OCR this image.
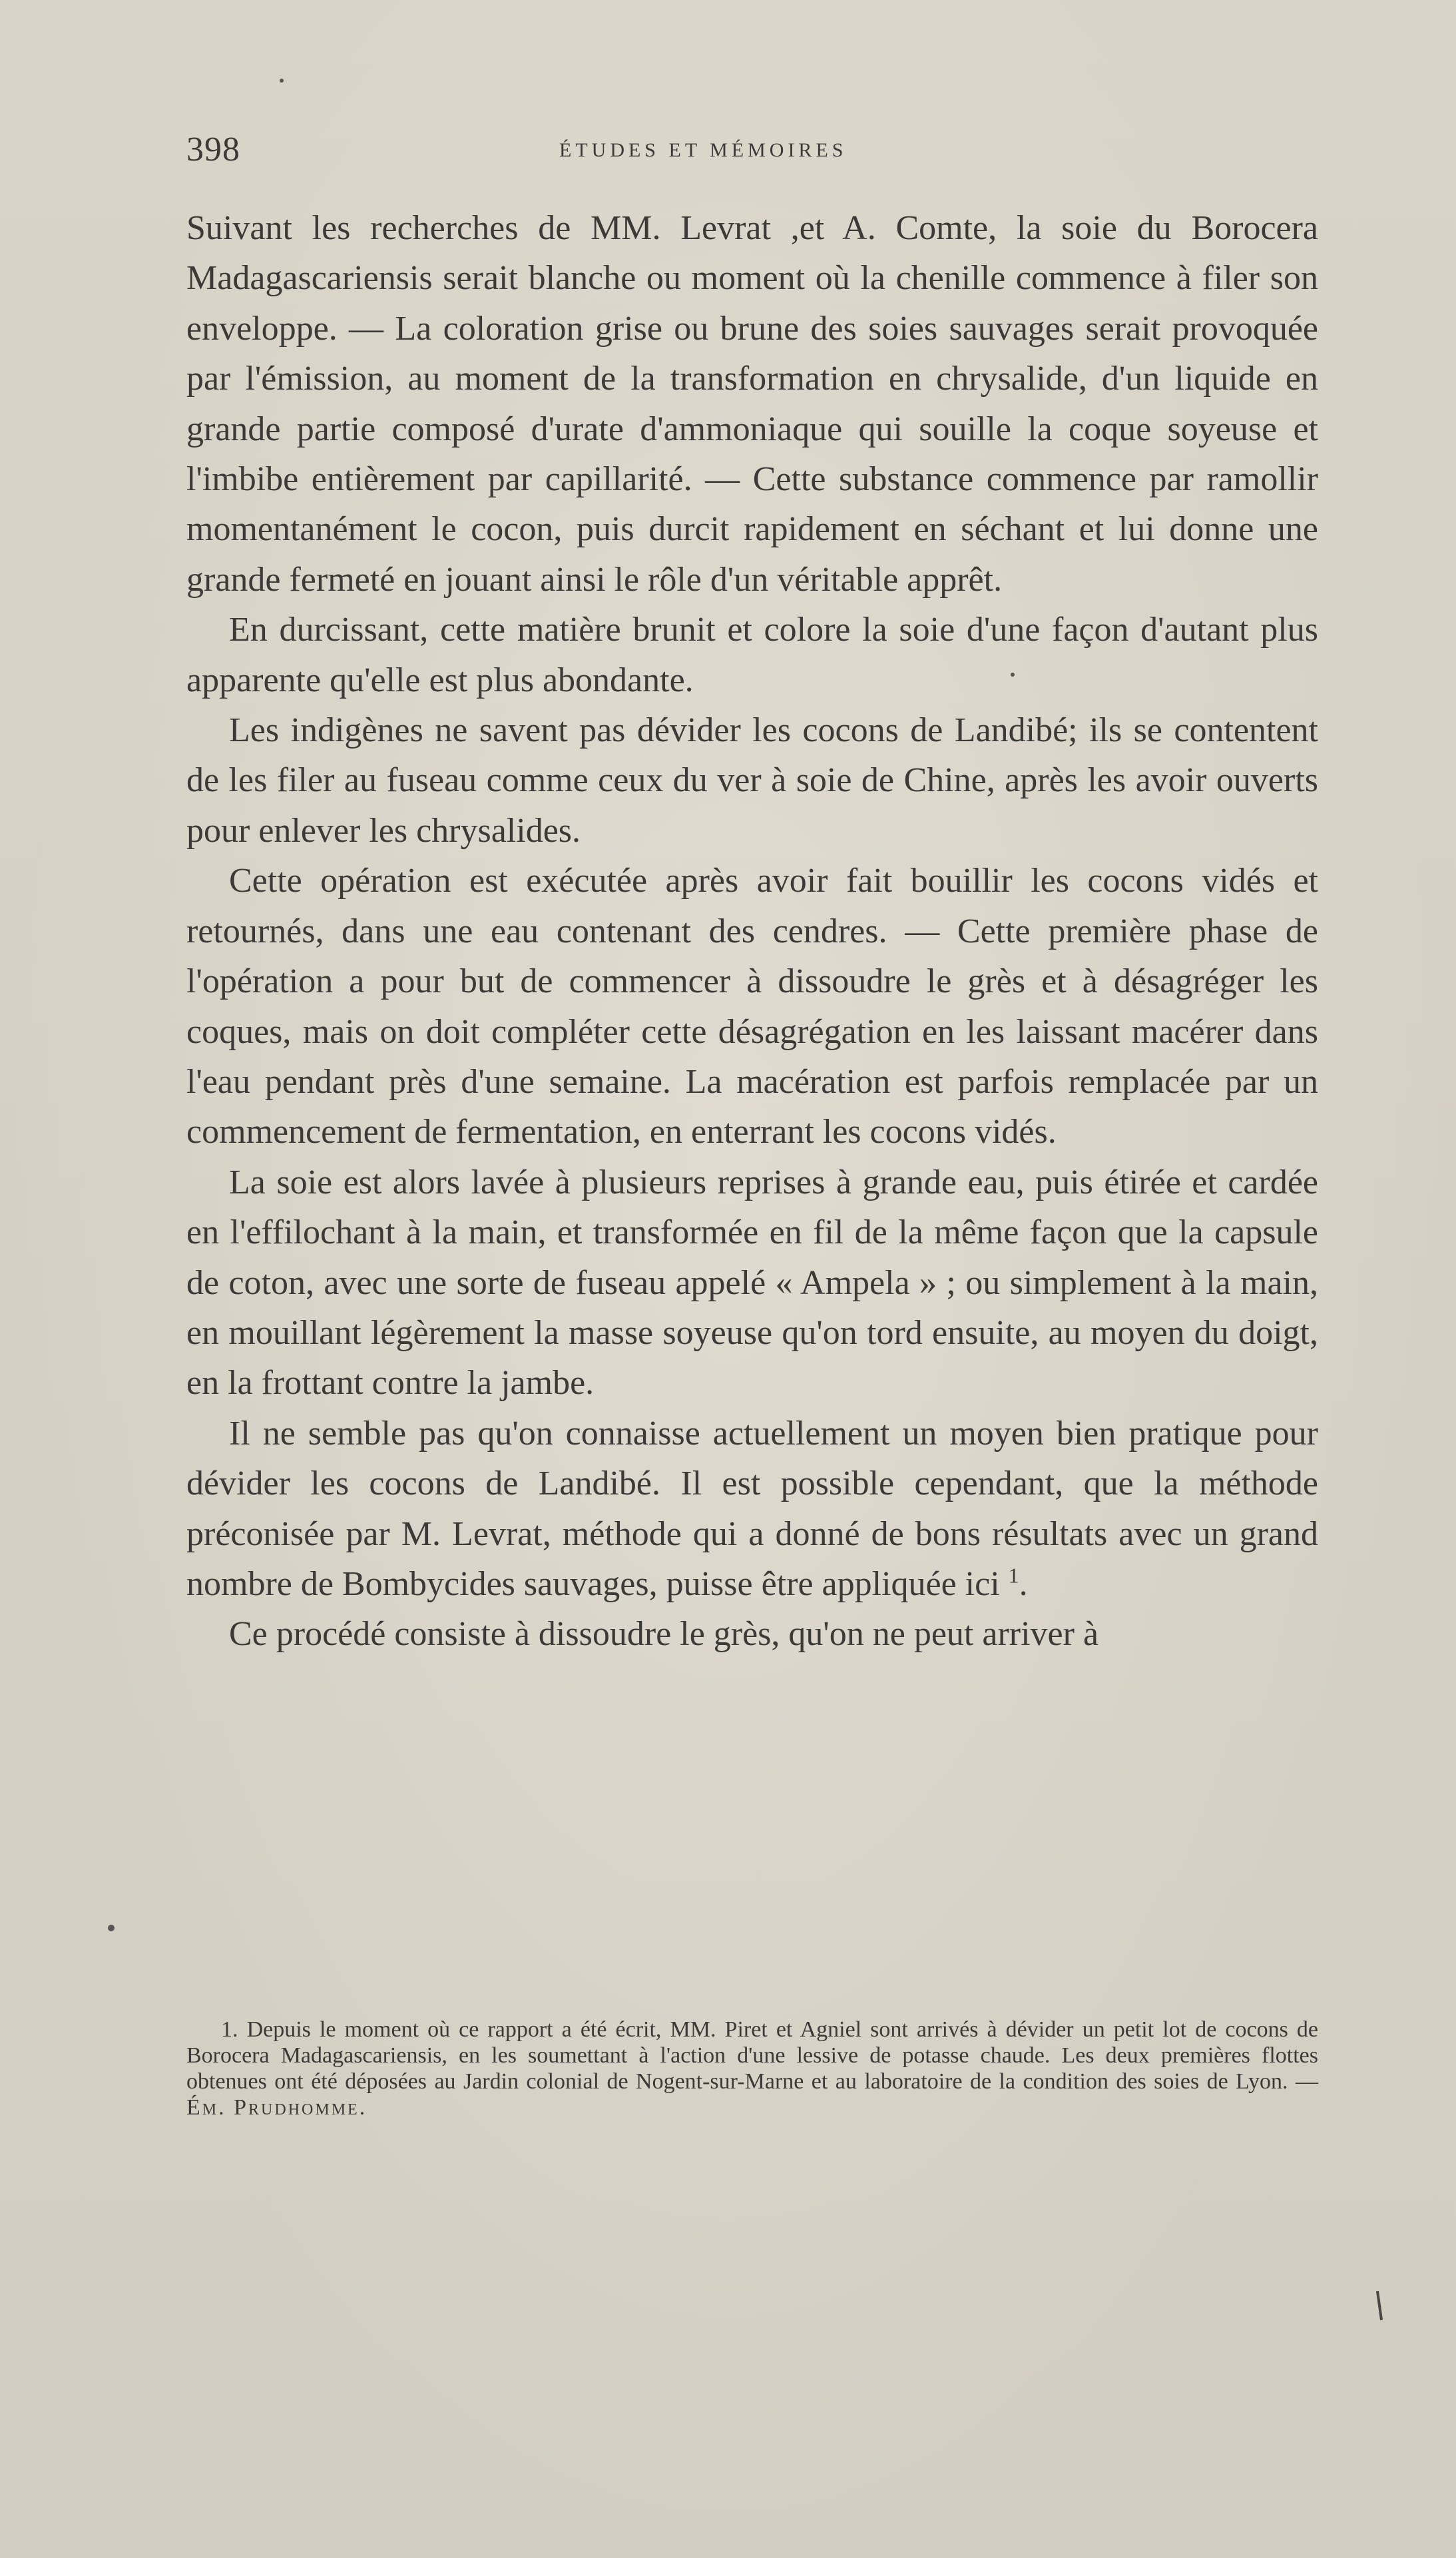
398	ÉTUDES ET MÉMOIRES

Suivant les recherches de MM. Levrat ,et A. Comte, la soie du Borocera Madagascariensis serait blanche ou moment où la chenille commence à filer son enveloppe. — La coloration grise ou brune des soies sauvages serait provoquée par l'émission, au moment de la transformation en chrysalide, d'un liquide en grande partie composé d'urate d'ammoniaque qui souille la coque soyeuse et l'imbibe entièrement par capillarité. — Cette substance commence par ramollir momentanément le cocon, puis durcit rapidement en séchant et lui donne une grande fermeté en jouant ainsi le rôle d'un véritable apprêt.

En durcissant, cette matière brunit et colore la soie d'une façon d'autant plus apparente qu'elle est plus abondante.

Les indigènes ne savent pas dévider les cocons de Landibé; ils se contentent de les filer au fuseau comme ceux du ver à soie de Chine, après les avoir ouverts pour enlever les chrysalides.

Cette opération est exécutée après avoir fait bouillir les cocons vidés et retournés, dans une eau contenant des cendres. — Cette première phase de l'opération a pour but de commencer à dissoudre le grès et à désagréger les coques, mais on doit compléter cette désagrégation en les laissant macérer dans l'eau pendant près d'une semaine. La macération est parfois remplacée par un commencement de fermentation, en enterrant les cocons vidés.

La soie est alors lavée à plusieurs reprises à grande eau, puis étirée et cardée en l'effilochant à la main, et transformée en fil de la même façon que la capsule de coton, avec une sorte de fuseau appelé « Ampela » ; ou simplement à la main, en mouillant légèrement la masse soyeuse qu'on tord ensuite, au moyen du doigt, en la frottant contre la jambe.

Il ne semble pas qu'on connaisse actuellement un moyen bien pratique pour dévider les cocons de Landibé. Il est possible cependant, que la méthode préconisée par M. Levrat, méthode qui a donné de bons résultats avec un grand nombre de Bombycides sauvages, puisse être appliquée ici $^1$.

Ce procédé consiste à dissoudre le grès, qu'on ne peut arriver à

1. Depuis le moment où ce rapport a été écrit, MM. Piret et Agniel sont arrivés à dévider un petit lot de cocons de Borocera Madagascariensis, en les soumettant à l'action d'une lessive de potasse chaude. Les deux premières flottes obtenues ont été déposées au Jardin colonial de Nogent-sur-Marne et au laboratoire de la condition des soies de Lyon. — Ém. Prudhomme.
